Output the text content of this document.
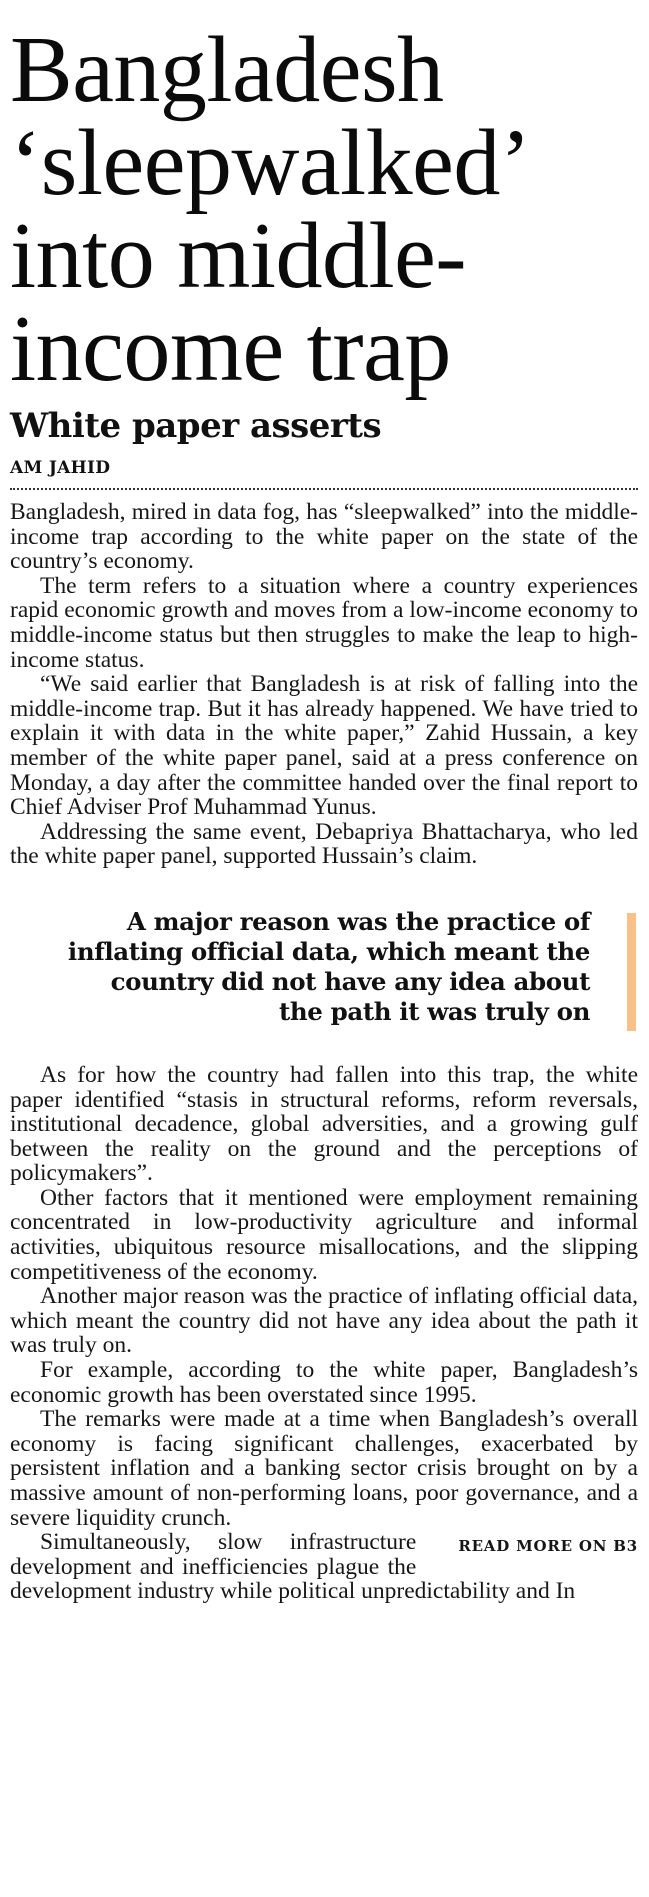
Bangladesh
‘sleepwalked’
into middle-
income trap
White paper asserts
AM JAHID

Bangladesh, mired in data fog, has “sleepwalked” into the middle-income trap according to the white paper on the state of the country’s economy.

The term refers to a situation where a country experiences rapid economic growth and moves from a low-income economy to middle-income status but then struggles to make the leap to high-income status.

“We said earlier that Bangladesh is at risk of falling into the middle-income trap. But it has already happened. We have tried to explain it with data in the white paper,” Zahid Hussain, a key member of the white paper panel, said at a press conference on Monday, a day after the committee handed over the final report to Chief Adviser Prof Muhammad Yunus.

Addressing the same event, Debapriya Bhattacharya, who led the white paper panel, supported Hussain’s claim.

A major reason was the practice of
inflating official data, which meant the
country did not have any idea about
the path it was truly on

As for how the country had fallen into this trap, the white paper identified “stasis in structural reforms, reform reversals, institutional decadence, global adversities, and a growing gulf between the reality on the ground and the perceptions of policymakers”.

Other factors that it mentioned were employment remaining concentrated in low-productivity agriculture and informal activities, ubiquitous resource misallocations, and the slipping competitiveness of the economy.

Another major reason was the practice of inflating official data, which meant the country did not have any idea about the path it was truly on.

For example, according to the white paper, Bangladesh’s economic growth has been overstated since 1995.

The remarks were made at a time when Bangladesh’s overall economy is facing significant challenges, exacerbated by persistent inflation and a banking sector crisis brought on by a massive amount of non-performing loans, poor governance, and a severe liquidity crunch.

READ MORE ON B3
Simultaneously, slow infrastructure development and inefficiencies plague the development industry while political unpredictability and In
